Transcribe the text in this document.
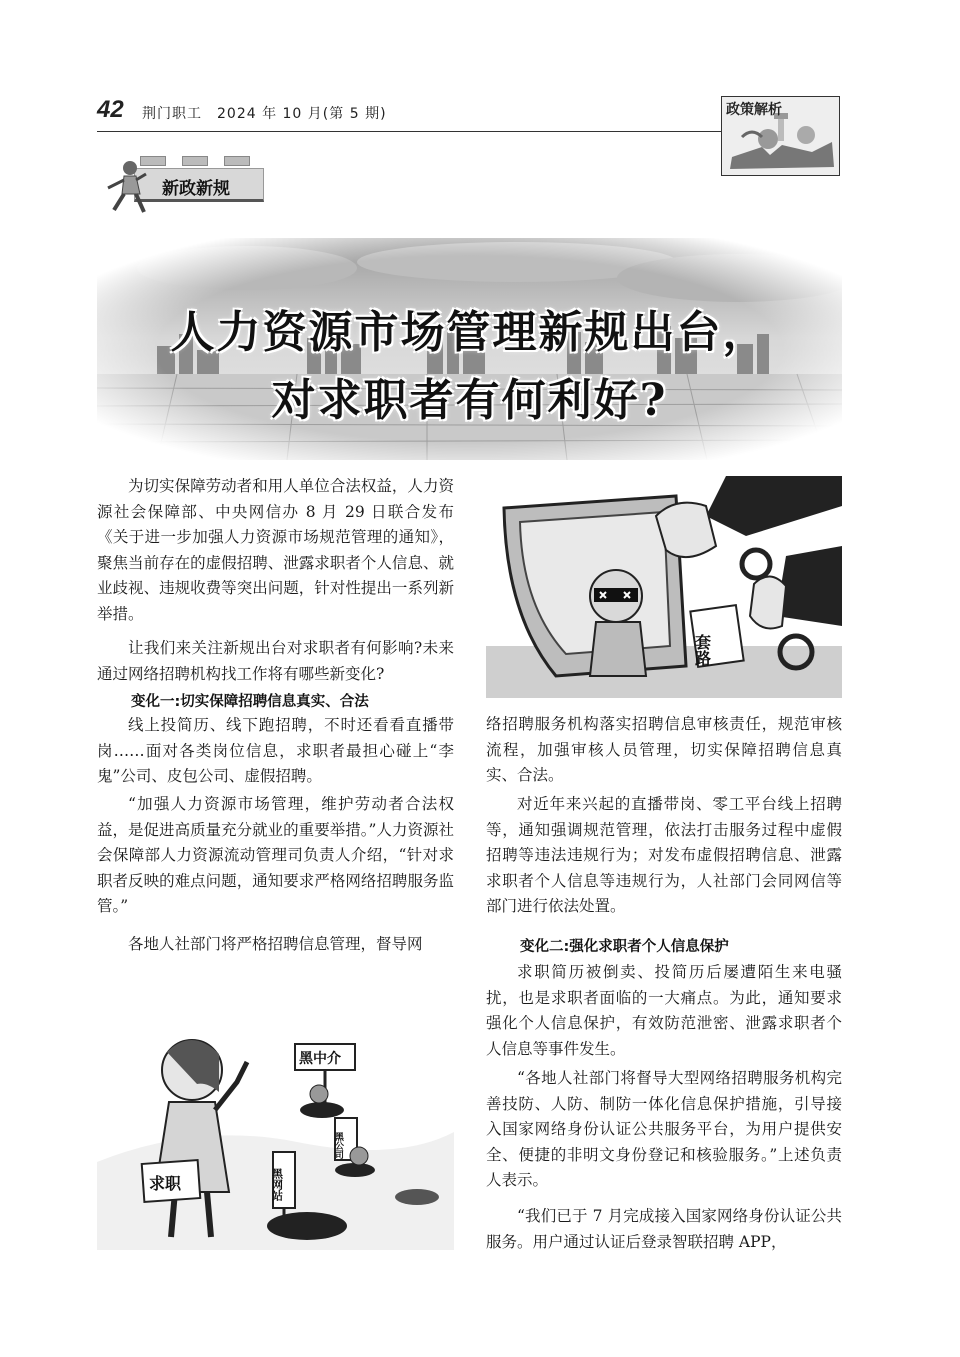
42 荆门职工　2024 年 10 月(第 5 期)	政策解析
新政新规
人力资源市场管理新规出台，
对求职者有何利好?

为切实保障劳动者和用人单位合法权益，人力资源社会保障部、中央网信办 8 月 29 日联合发布《关于进一步加强人力资源市场规范管理的通知》，聚焦当前存在的虚假招聘、泄露求职者个人信息、就业歧视、违规收费等突出问题，针对性提出一系列新举措。

让我们来关注新规出台对求职者有何影响?未来通过网络招聘机构找工作将有哪些新变化?

变化一:切实保障招聘信息真实、合法

线上投简历、线下跑招聘，不时还看看直播带岗……面对各类岗位信息，求职者最担心碰上“李鬼”公司、皮包公司、虚假招聘。

“加强人力资源市场管理，维护劳动者合法权益，是促进高质量充分就业的重要举措。”人力资源社会保障部人力资源流动管理司负责人介绍，“针对求职者反映的难点问题，通知要求严格网络招聘服务监管。”

各地人社部门将严格招聘信息管理，督导网

求职
黑中介
黑公司
黑网站
套路

络招聘服务机构落实招聘信息审核责任，规范审核流程，加强审核人员管理，切实保障招聘信息真实、合法。

对近年来兴起的直播带岗、零工平台线上招聘等，通知强调规范管理，依法打击服务过程中虚假招聘等违法违规行为；对发布虚假招聘信息、泄露求职者个人信息等违规行为，人社部门会同网信等部门进行依法处置。

变化二:强化求职者个人信息保护

求职简历被倒卖、投简历后屡遭陌生来电骚扰，也是求职者面临的一大痛点。为此，通知要求强化个人信息保护，有效防范泄密、泄露求职者个人信息等事件发生。

“各地人社部门将督导大型网络招聘服务机构完善技防、人防、制防一体化信息保护措施，引导接入国家网络身份认证公共服务平台，为用户提供安全、便捷的非明文身份登记和核验服务。”上述负责人表示。

“我们已于 7 月完成接入国家网络身份认证公共服务。用户通过认证后登录智联招聘 APP，
